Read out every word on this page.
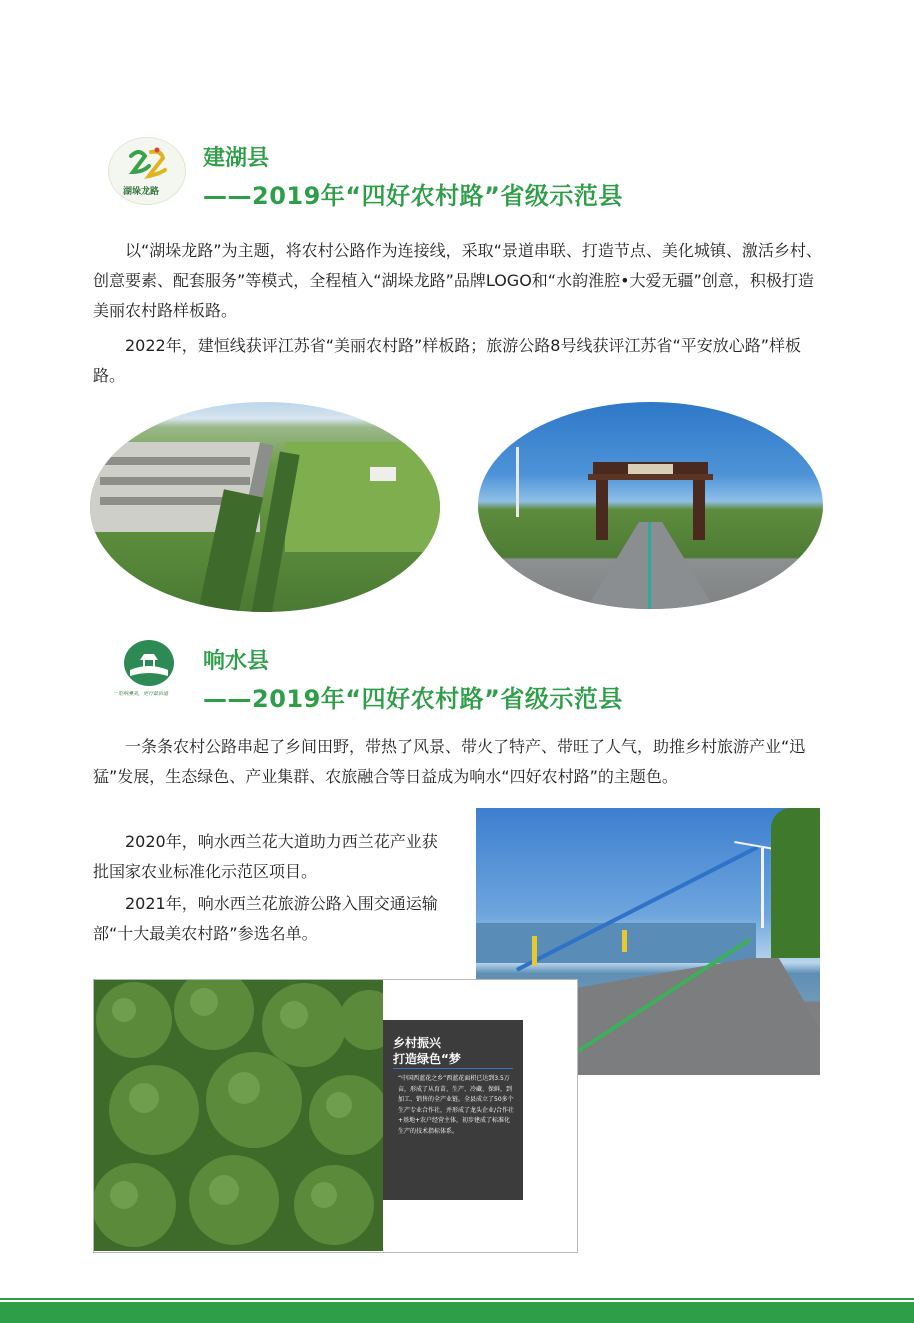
湖垛龙路
建湖县
——2019年“四好农村路”省级示范县

以“湖垛龙路”为主题，将农村公路作为连接线，采取“景道串联、打造节点、美化城镇、激活乡村、创意要素、配套服务”等模式，全程植入“湖垛龙路”品牌LOGO和“水韵淮腔•大爱无疆”创意，积极打造美丽农村路样板路。

2022年，建恒线获评江苏省“美丽农村路”样板路；旅游公路8号线获评江苏省“平安放心路”样板路。

一览响漫美，更行最后道
响水县
——2019年“四好农村路”省级示范县

一条条农村公路串起了乡间田野，带热了风景、带火了特产、带旺了人气，助推乡村旅游产业“迅猛”发展，生态绿色、产业集群、农旅融合等日益成为响水“四好农村路”的主题色。

2020年，响水西兰花大道助力西兰花产业获批国家农业标准化示范区项目。

2021年，响水西兰花旅游公路入围交通运输部“十大最美农村路”参选名单。

乡村振兴
打造绿色“梦

“中国西蓝花之乡”西蓝花面积已达到3.5万亩，形成了从育苗、生产、冷藏、保鲜，到加工、销售的全产业链。全县成立了50多个生产专业合作社，并形成了龙头企业/合作社+基地+农户经营主体，初步建成了标准化生产的技术指标体系。
